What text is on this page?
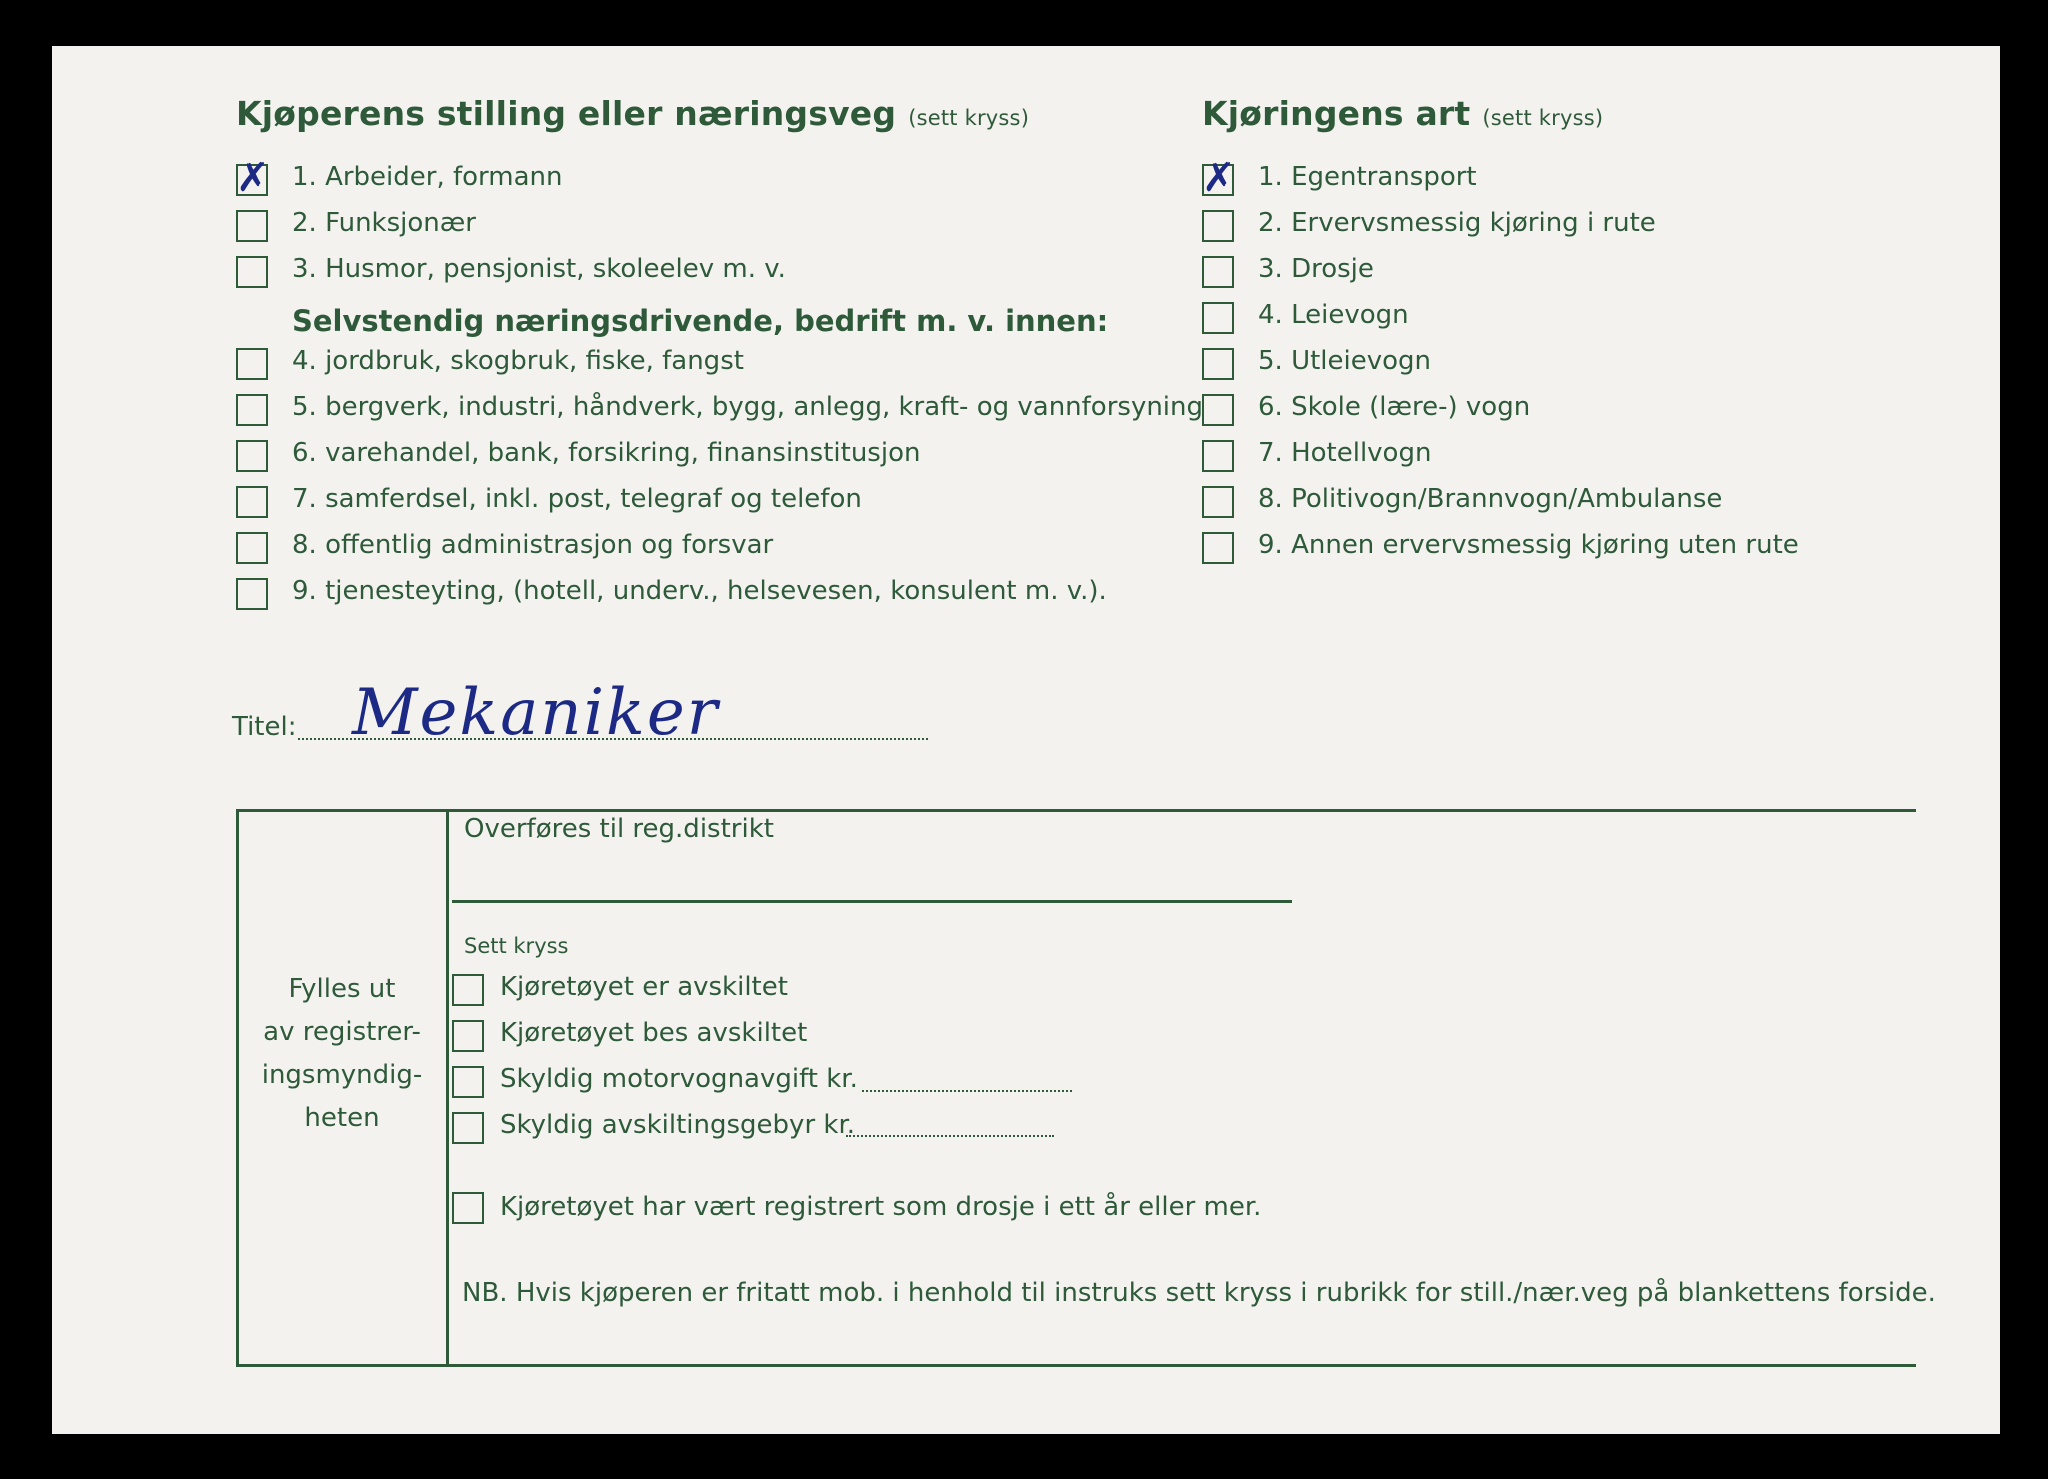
Kjøperens stilling eller næringsveg (sett kryss)
✗ 1. Arbeider, formann
2. Funksjonær
3. Husmor, pensjonist, skoleelev m. v.
Selvstendig næringsdrivende, bedrift m. v. innen:
4. jordbruk, skogbruk, fiske, fangst
5. bergverk, industri, håndverk, bygg, anlegg, kraft- og vannforsyning
6. varehandel, bank, forsikring, finansinstitusjon
7. samferdsel, inkl. post, telegraf og telefon
8. offentlig administrasjon og forsvar
9. tjenesteyting, (hotell, underv., helsevesen, konsulent m. v.).
Kjøringens art (sett kryss)
✗ 1. Egentransport
2. Ervervsmessig kjøring i rute
3. Drosje
4. Leievogn
5. Utleievogn
6. Skole (lære-) vogn
7. Hotellvogn
8. Politivogn/Brannvogn/Ambulanse
9. Annen ervervsmessig kjøring uten rute
Titel: Mekaniker
Fylles ut
av registrer-
ingsmyndig-
heten
Overføres til reg.distrikt
Sett kryss
Kjøretøyet er avskiltet
Kjøretøyet bes avskiltet
Skyldig motorvognavgift kr.
Skyldig avskiltingsgebyr kr.
Kjøretøyet har vært registrert som drosje i ett år eller mer.
NB. Hvis kjøperen er fritatt mob. i henhold til instruks sett kryss i rubrikk for still./nær.veg på blankettens forside.
